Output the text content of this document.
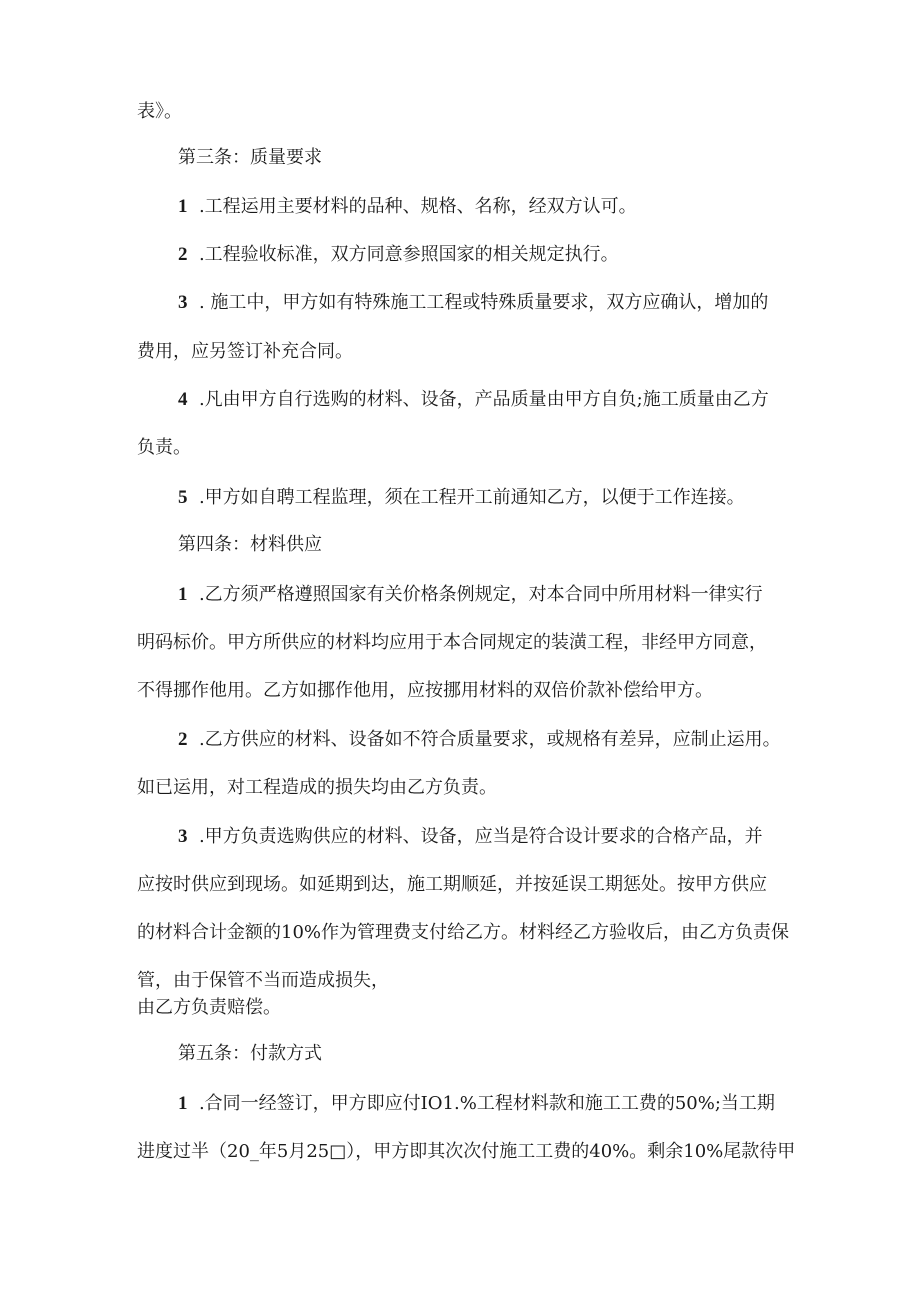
表》。
第三条：质量要求
1 .工程运用主要材料的品种、规格、名称，经双方认可。
2 .工程验收标准，双方同意参照国家的相关规定执行。
3 . 施工中，甲方如有特殊施工工程或特殊质量要求，双方应确认，增加的
费用，应另签订补充合同。
4 .凡由甲方自行选购的材料、设备，产品质量由甲方自负;施工质量由乙方
负责。
5 .甲方如自聘工程监理，须在工程开工前通知乙方，以便于工作连接。
第四条：材料供应
1 .乙方须严格遵照国家有关价格条例规定，对本合同中所用材料一律实行
明码标价。甲方所供应的材料均应用于本合同规定的装潢工程，非经甲方同意，
不得挪作他用。乙方如挪作他用，应按挪用材料的双倍价款补偿给甲方。
2 .乙方供应的材料、设备如不符合质量要求，或规格有差异，应制止运用。
如已运用，对工程造成的损失均由乙方负责。
3 .甲方负责选购供应的材料、设备，应当是符合设计要求的合格产品，并
应按时供应到现场。如延期到达，施工期顺延，并按延误工期惩处。按甲方供应
的材料合计金额的10%作为管理费支付给乙方。材料经乙方验收后，由乙方负责保
管，由于保管不当而造成损失，
由乙方负责赔偿。
第五条：付款方式
1 .合同一经签订，甲方即应付IO1.%工程材料款和施工工费的50%;当工期
进度过半（20_年5月25□），甲方即其次次付施工工费的40%。剩余10%尾款待甲
